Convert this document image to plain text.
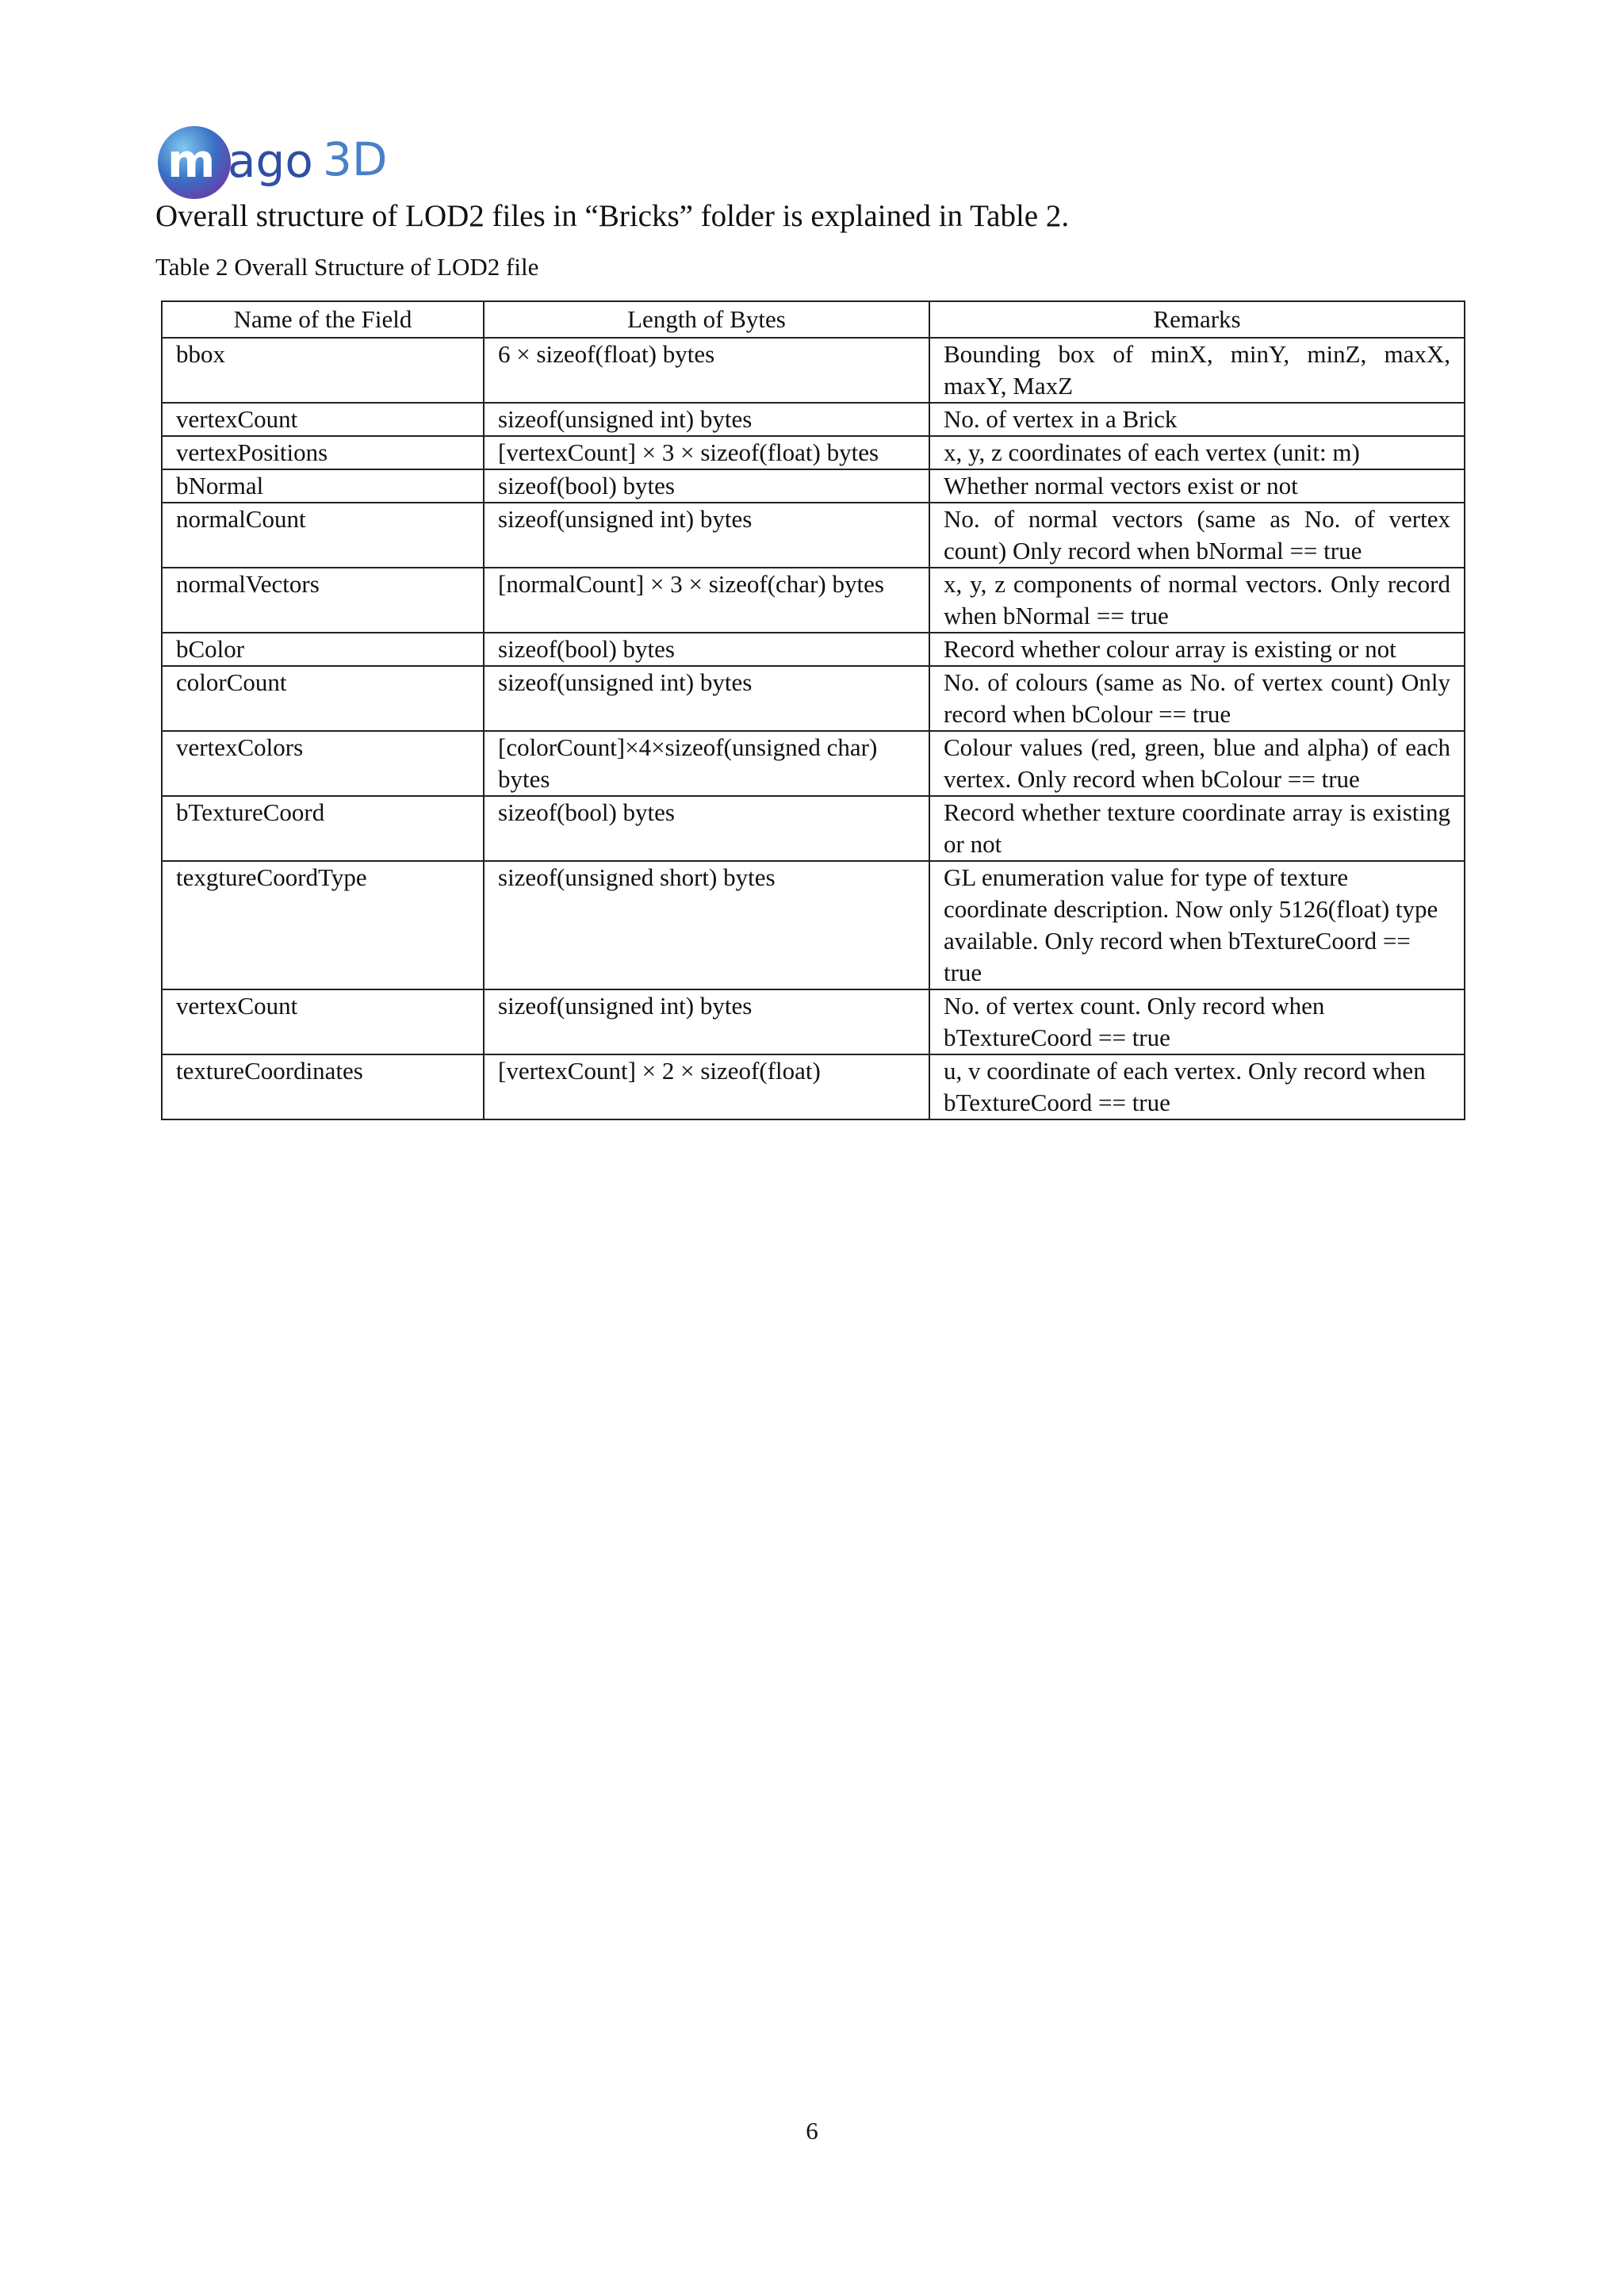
m ago 3D
Overall structure of LOD2 files in “Bricks” folder is explained in Table 2.
Table 2 Overall Structure of LOD2 file
Name of the Field	Length of Bytes	Remarks
bbox	6 × sizeof(float) bytes	Bounding box of minX, minY, minZ, maxX, maxY, MaxZ
vertexCount	sizeof(unsigned int) bytes	No. of vertex in a Brick
vertexPositions	[vertexCount] × 3 × sizeof(float) bytes	x, y, z coordinates of each vertex (unit: m)
bNormal	sizeof(bool) bytes	Whether normal vectors exist or not
normalCount	sizeof(unsigned int) bytes	No. of normal vectors (same as No. of vertex count) Only record when bNormal == true
normalVectors	[normalCount] × 3 × sizeof(char) bytes	x, y, z components of normal vectors. Only record when bNormal == true
bColor	sizeof(bool) bytes	Record whether colour array is existing or not
colorCount	sizeof(unsigned int) bytes	No. of colours (same as No. of vertex count) Only record when bColour == true
vertexColors	[colorCount]×4×sizeof(unsigned char) bytes	Colour values (red, green, blue and alpha) of each vertex. Only record when bColour == true
bTextureCoord	sizeof(bool) bytes	Record whether texture coordinate array is existing or not
texgtureCoordType	sizeof(unsigned short) bytes	GL enumeration value for type of texture coordinate description. Now only 5126(float) type available. Only record when bTextureCoord == true
vertexCount	sizeof(unsigned int) bytes	No. of vertex count. Only record when bTextureCoord == true
textureCoordinates	[vertexCount] × 2 × sizeof(float)	u, v coordinate of each vertex. Only record when bTextureCoord == true
6
